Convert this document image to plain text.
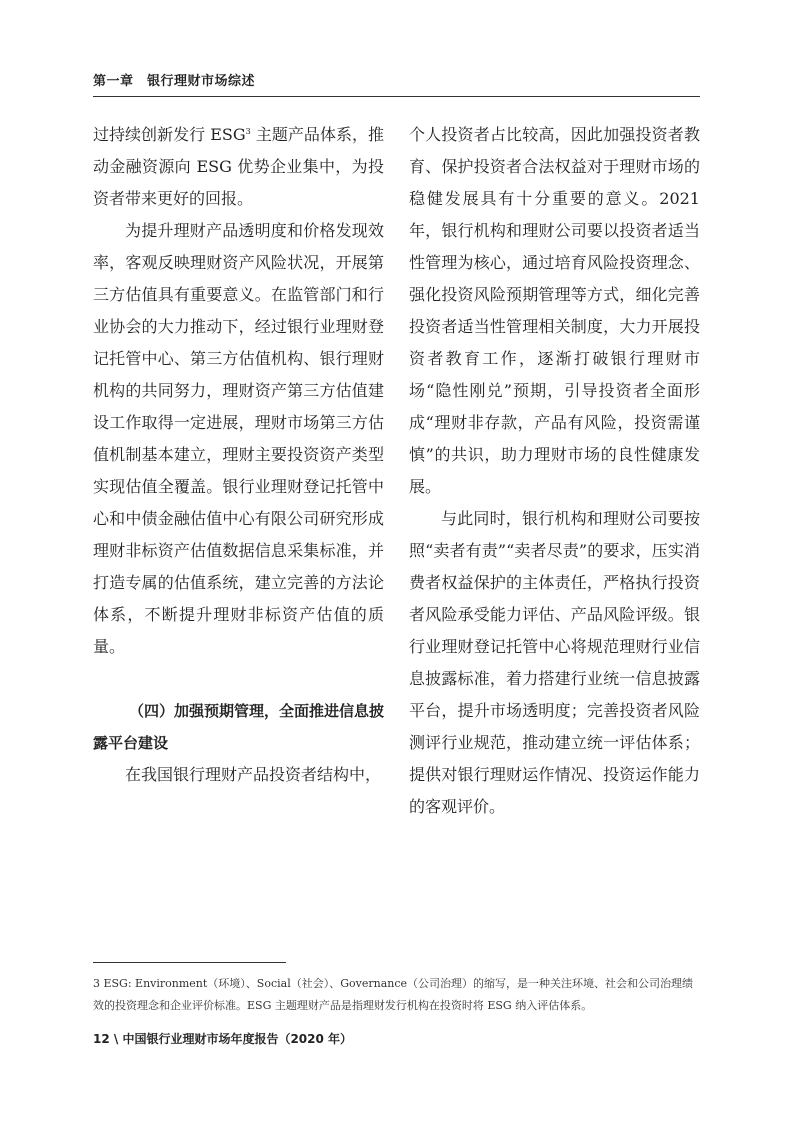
第一章　银行理财市场综述

过持续创新发行 ESG$^3$ 主题产品体系，推动金融资源向 ESG 优势企业集中，为投资者带来更好的回报。

为提升理财产品透明度和价格发现效率，客观反映理财资产风险状况，开展第三方估值具有重要意义。在监管部门和行业协会的大力推动下，经过银行业理财登记托管中心、第三方估值机构、银行理财机构的共同努力，理财资产第三方估值建设工作取得一定进展，理财市场第三方估值机制基本建立，理财主要投资资产类型实现估值全覆盖。银行业理财登记托管中心和中债金融估值中心有限公司研究形成理财非标资产估值数据信息采集标准，并打造专属的估值系统，建立完善的方法论体系，不断提升理财非标资产估值的质量。

（四）加强预期管理，全面推进信息披露平台建设

在我国银行理财产品投资者结构中，

个人投资者占比较高，因此加强投资者教育、保护投资者合法权益对于理财市场的稳健发展具有十分重要的意义。2021 年，银行机构和理财公司要以投资者适当性管理为核心，通过培育风险投资理念、强化投资风险预期管理等方式，细化完善投资者适当性管理相关制度，大力开展投资者教育工作，逐渐打破银行理财市场“隐性刚兑”预期，引导投资者全面形成“理财非存款，产品有风险，投资需谨慎”的共识，助力理财市场的良性健康发展。

与此同时，银行机构和理财公司要按照“卖者有责”“卖者尽责”的要求，压实消费者权益保护的主体责任，严格执行投资者风险承受能力评估、产品风险评级。银行业理财登记托管中心将规范理财行业信息披露标准，着力搭建行业统一信息披露平台，提升市场透明度；完善投资者风险测评行业规范，推动建立统一评估体系；提供对银行理财运作情况、投资运作能力的客观评价。

3 ESG: Environment（环境）、Social（社会）、Governance（公司治理）的缩写，是一种关注环境、社会和公司治理绩效的投资理念和企业评价标准。ESG 主题理财产品是指理财发行机构在投资时将 ESG 纳入评估体系。
12 \ 中国银行业理财市场年度报告（2020 年）
